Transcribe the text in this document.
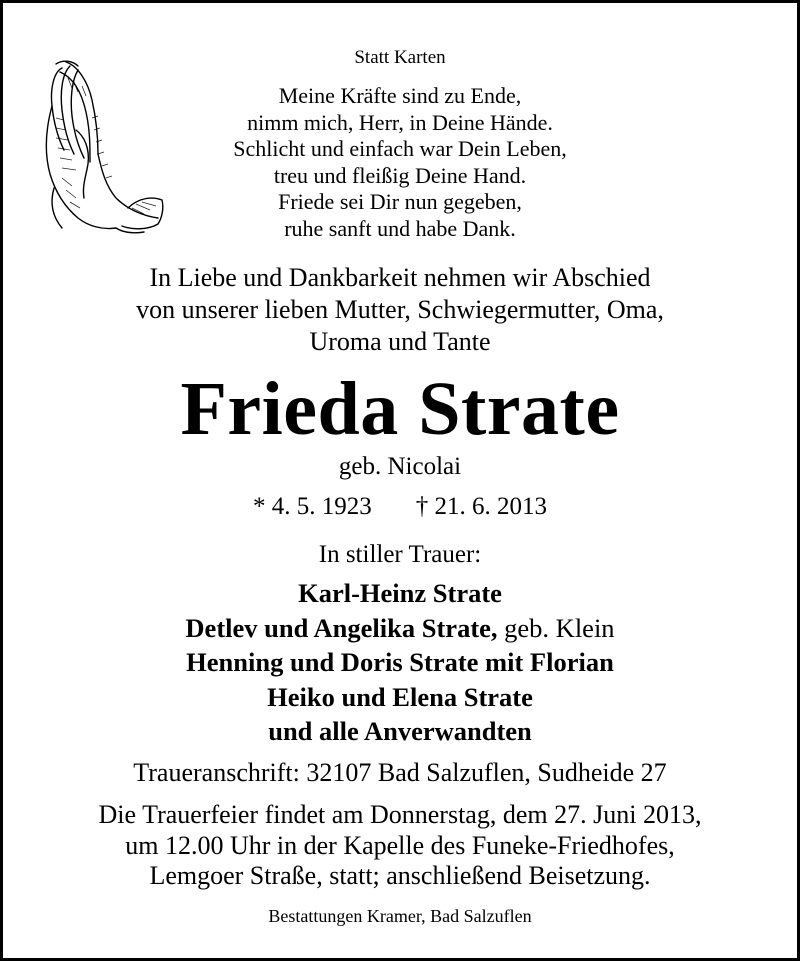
Statt Karten

Meine Kräfte sind zu Ende,

nimm mich, Herr, in Deine Hände.

Schlicht und einfach war Dein Leben,

treu und fleißig Deine Hand.

Friede sei Dir nun gegeben,

ruhe sanft und habe Dank.

In Liebe und Dankbarkeit nehmen wir Abschied

von unserer lieben Mutter, Schwiegermutter, Oma,

Uroma und Tante

Frieda Strate

geb. Nicolai

* 4. 5. 1923 † 21. 6. 2013

In stiller Trauer:

Karl-Heinz Strate

Detlev und Angelika Strate, geb. Klein

Henning und Doris Strate mit Florian

Heiko und Elena Strate

und alle Anverwandten

Traueranschrift: 32107 Bad Salzuflen, Sudheide 27

Die Trauerfeier findet am Donnerstag, dem 27. Juni 2013,

um 12.00 Uhr in der Kapelle des Funeke-Friedhofes,

Lemgoer Straße, statt; anschließend Beisetzung.

Bestattungen Kramer, Bad Salzuflen
